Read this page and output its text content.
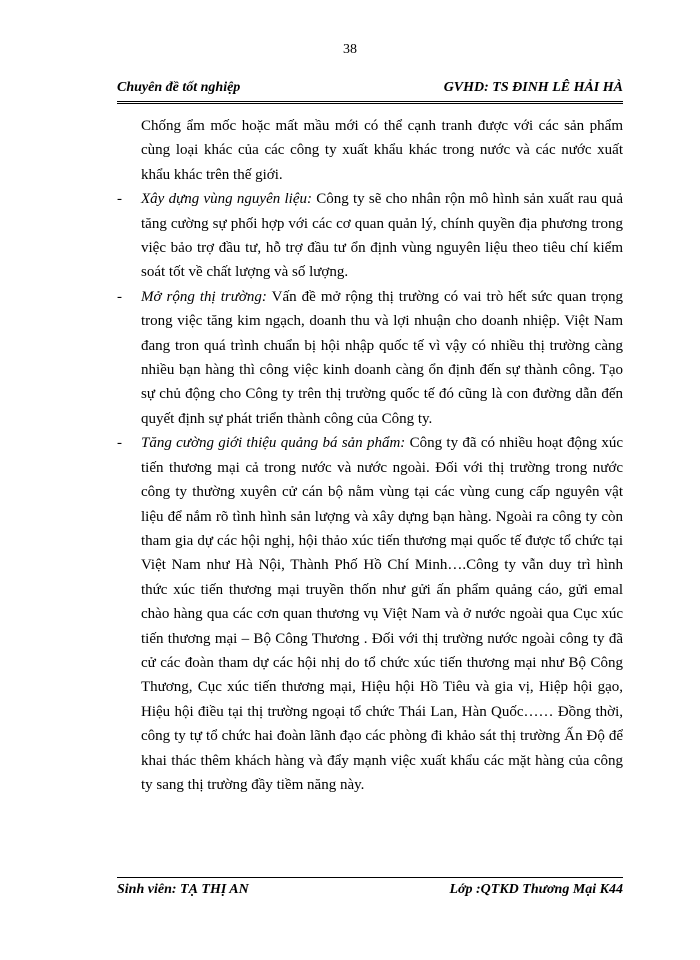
38
Chuyên đề tốt nghiệp	GVHD: TS ĐINH LÊ HẢI HÀ

Chống ẩm mốc hoặc mất mầu mới có thể cạnh tranh được với các sản phẩm cùng loại khác của các công ty xuất khẩu khác trong nước và các nước xuất khẩu khác trên thế giới.

- Xây dựng vùng nguyên liệu: Công ty sẽ cho nhân rộn mô hình sản xuất rau quả tăng cường sự phối hợp với các cơ quan quản lý, chính quyền địa phương trong việc bảo trợ đầu tư, hỗ trợ đầu tư ổn định vùng nguyên liệu theo tiêu chí kiểm soát tốt về chất lượng và số lượng.

- Mở rộng thị trường: Vấn đề mở rộng thị trường có vai trò hết sức quan trọng trong việc tăng kim ngạch, doanh thu và lợi nhuận cho doanh nhiệp. Việt Nam đang tron quá trình chuẩn bị hội nhập quốc tế vì vậy có nhiều thị trường càng nhiều bạn hàng thì công việc kinh doanh càng ổn định đến sự thành công. Tạo sự chủ động cho Công ty trên thị trường quốc tế đó cũng là con đường dẫn đến quyết định sự phát triển thành công của Công ty.

- Tăng cường giới thiệu quảng bá sản phẩm: Công ty đã có nhiều hoạt động xúc tiến thương mại cả trong nước và nước ngoài. Đối với thị trường trong nước công ty thường xuyên cử cán bộ nằm vùng tại các vùng cung cấp nguyên vật liệu để nắm rõ tình hình sản lượng và xây dựng bạn hàng. Ngoài ra công ty còn tham gia dự các hội nghị, hội thảo xúc tiến thương mại quốc tế được tổ chức tại Việt Nam như Hà Nội, Thành Phố Hồ Chí Minh….Công ty vẫn duy trì hình thức xúc tiến thương mại truyền thốn như gửi ấn phẩm quảng cáo, gửi emal chào hàng qua các cơn quan thương vụ Việt Nam và ở nước ngoài qua Cục xúc tiến thương mại – Bộ Công Thương . Đối với thị trường nước ngoài công ty đã cử các đoàn tham dự các hội nhị do tổ chức xúc tiến thương mại như Bộ Công Thương, Cục xúc tiến thương mại, Hiệu hội Hồ Tiêu và gia vị, Hiệp hội gạo, Hiệu hội điều tại thị trường ngoại tổ chức Thái Lan, Hàn Quốc…… Đồng thời, công ty tự tổ chức hai đoàn lãnh đạo các phòng đi khảo sát thị trường Ấn Độ để khai thác thêm khách hàng và đẩy mạnh việc xuất khẩu các mặt hàng của công ty sang thị trường đầy tiềm năng này.

Sinh viên: TẠ THỊ AN	Lớp :QTKD Thương Mại K44
